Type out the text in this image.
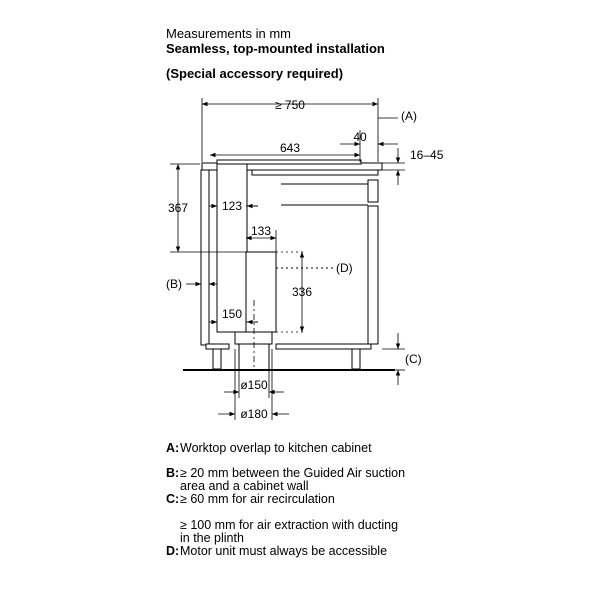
Measurements in mm
Seamless, top-mounted installation
(Special accessory required)
≥ 750
643
40
(A)
16–45
367	123
133
(D)
336
(B)
150
(C)
ø150
ø180
A: Worktop overlap to kitchen cabinet
B: ≥ 20 mm between the Guided Air suction
area and a cabinet wall
C: ≥ 60 mm for air recirculation
≥ 100 mm for air extraction with ducting
in the plinth
D: Motor unit must always be accessible
